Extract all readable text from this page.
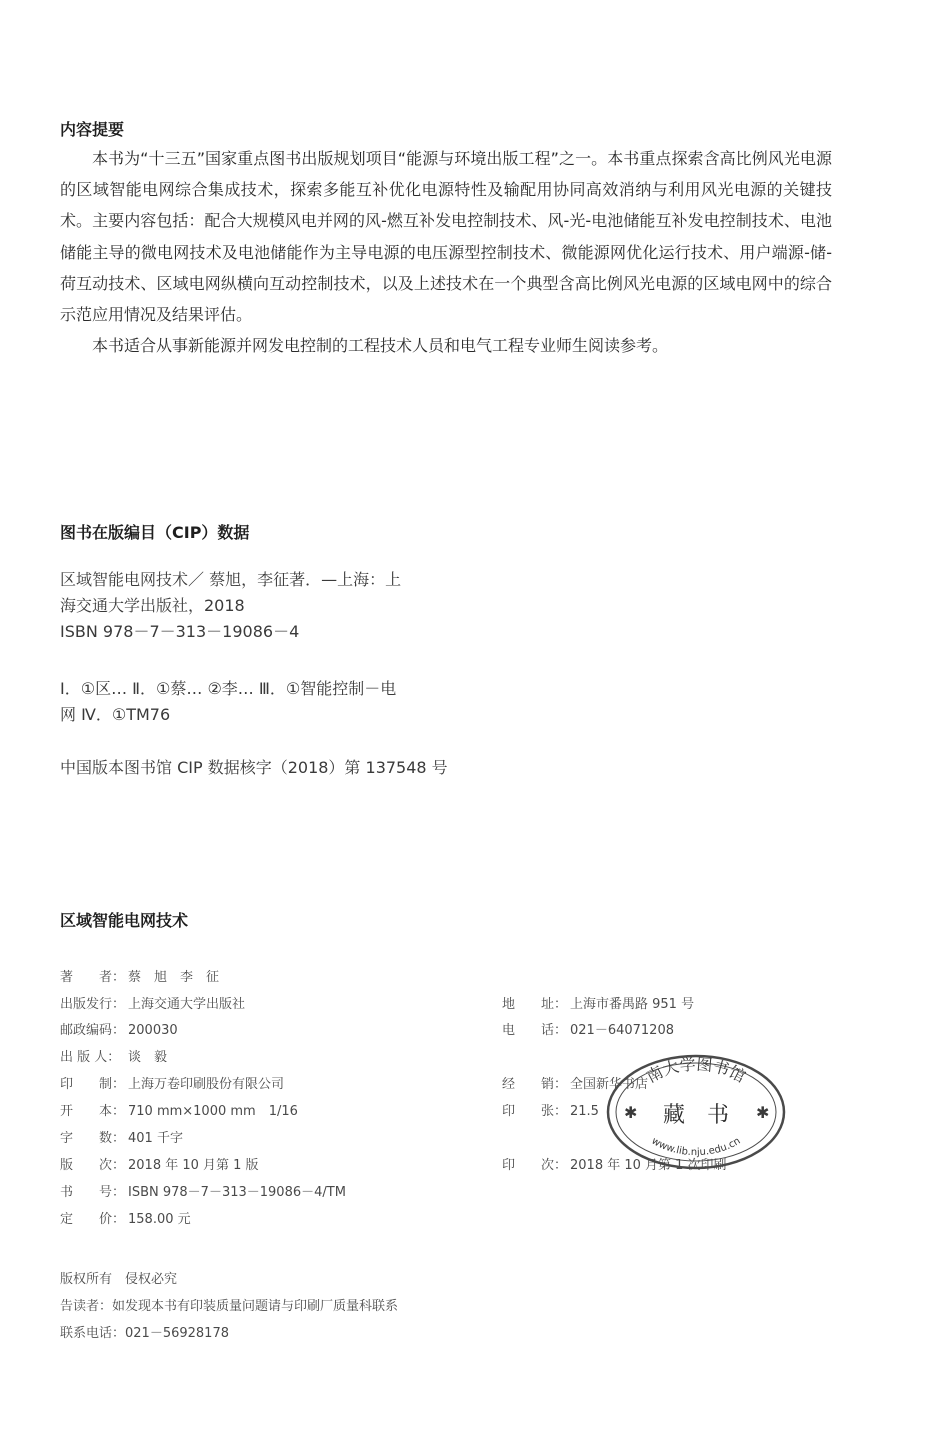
内容提要

本书为“十三五”国家重点图书出版规划项目“能源与环境出版工程”之一。本书重点探索含高比例风光电源的区域智能电网综合集成技术，探索多能互补优化电源特性及输配用协同高效消纳与利用风光电源的关键技术。主要内容包括：配合大规模风电并网的风-燃互补发电控制技术、风-光-电池储能互补发电控制技术、电池储能主导的微电网技术及电池储能作为主导电源的电压源型控制技术、微能源网优化运行技术、用户端源-储-荷互动技术、区域电网纵横向互动控制技术，以及上述技术在一个典型含高比例风光电源的区域电网中的综合示范应用情况及结果评估。

本书适合从事新能源并网发电控制的工程技术人员和电气工程专业师生阅读参考。

图书在版编目（CIP）数据
区域智能电网技术／ 蔡旭，李征著．—上海：上
海交通大学出版社，2018
ISBN 978－7－313－19086－4
Ⅰ．①区… Ⅱ．①蔡… ②李… Ⅲ．①智能控制－电
网 Ⅳ．①TM76
中国版本图书馆 CIP 数据核字（2018）第 137548 号
区域智能电网技术
著　　者： 蔡　旭　李　征
出版发行： 上海交通大学出版社
邮政编码： 200030
出 版 人： 谈　毅
印　　制： 上海万卷印刷股份有限公司
开　　本： 710 mm×1000 mm　1/16
字　　数： 401 千字
版　　次： 2018 年 10 月第 1 版
书　　号： ISBN 978－7－313－19086－4/TM
定　　价： 158.00 元
地　　址： 上海市番禺路 951 号
电　　话： 021－64071208
经　　销： 全国新华书店
印　　张： 21.5
印　　次： 2018 年 10 月第 1 次印刷
南大学图书馆
藏　书
✱	✱
www.lib.nju.edu.cn
版权所有　侵权必究
告读者：如发现本书有印装质量问题请与印刷厂质量科联系
联系电话：021－56928178
